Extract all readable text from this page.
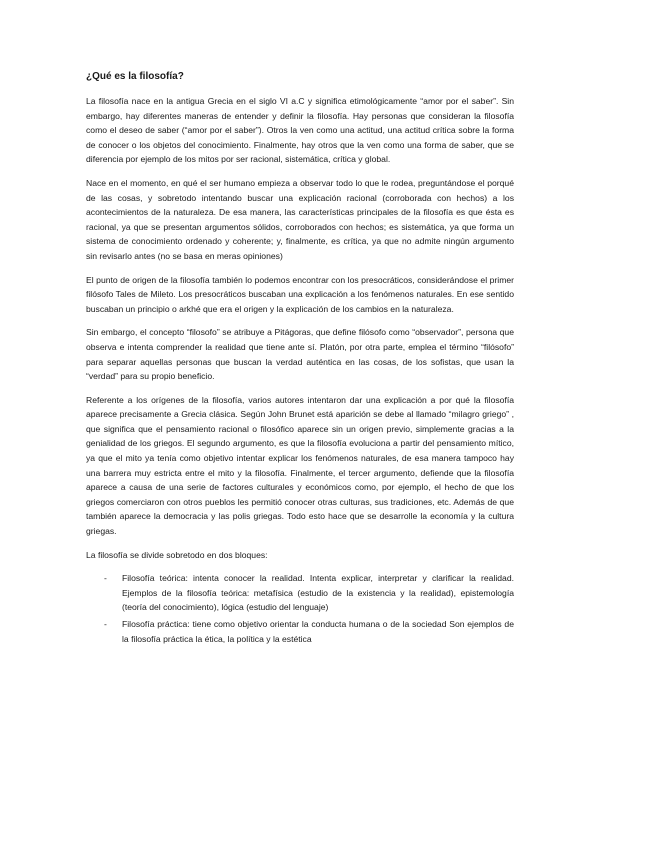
¿Qué es la filosofía?

La filosofía nace en la antigua Grecia en el siglo VI a.C y significa etimológicamente “amor por el saber”. Sin embargo, hay diferentes maneras de entender y definir la filosofía. Hay personas que consideran la filosofía como el deseo de saber (“amor por el saber”). Otros la ven como una actitud, una actitud crítica sobre la forma de conocer o los objetos del conocimiento. Finalmente, hay otros que la ven como una forma de saber, que se diferencia por ejemplo de los mitos por ser racional, sistemática, crítica y global.

Nace en el momento, en qué el ser humano empieza a observar todo lo que le rodea, preguntándose el porqué de las cosas, y sobretodo intentando buscar una explicación racional (corroborada con hechos) a los acontecimientos de la naturaleza. De esa manera, las características principales de la filosofía es que ésta es racional, ya que se presentan argumentos sólidos, corroborados con hechos; es sistemática, ya que forma un sistema de conocimiento ordenado y coherente; y, finalmente, es crítica, ya que no admite ningún argumento sin revisarlo antes (no se basa en meras opiniones)

El punto de origen de la filosofía también lo podemos encontrar con los presocráticos, considerándose el primer filósofo Tales de Mileto. Los presocráticos buscaban una explicación a los fenómenos naturales. En ese sentido buscaban un principio o arkhé que era el origen y la explicación de los cambios en la naturaleza.

Sin embargo, el concepto “filosofo” se atribuye a Pitágoras, que define filósofo como “observador”, persona que observa e intenta comprender la realidad que tiene ante sí. Platón, por otra parte, emplea el término “filósofo” para separar aquellas personas que buscan la verdad auténtica en las cosas, de los sofistas, que usan la “verdad” para su propio beneficio.

Referente a los orígenes de la filosofía, varios autores intentaron dar una explicación a por qué la filosofía aparece precisamente a Grecia clásica. Según John Brunet está aparición se debe al llamado “milagro griego” , que significa que el pensamiento racional o filosófico aparece sin un origen previo, simplemente gracias a la genialidad de los griegos. El segundo argumento, es que la filosofía evoluciona a partir del pensamiento mítico, ya que el mito ya tenía como objetivo intentar explicar los fenómenos naturales, de esa manera tampoco hay una barrera muy estricta entre el mito y la filosofía. Finalmente, el tercer argumento, defiende que la filosofía aparece a causa de una serie de factores culturales y económicos como, por ejemplo, el hecho de que los griegos comerciaron con otros pueblos les permitió conocer otras culturas, sus tradiciones, etc. Además de que también aparece la democracia y las polis griegas. Todo esto hace que se desarrolle la economía y la cultura griegas.

La filosofía se divide sobretodo en dos bloques:

- Filosofía teórica: intenta conocer la realidad. Intenta explicar, interpretar y clarificar la realidad. Ejemplos de la filosofía teórica: metafísica (estudio de la existencia y la realidad), epistemología (teoría del conocimiento), lógica (estudio del lenguaje)
- Filosofía práctica: tiene como objetivo orientar la conducta humana o de la sociedad Son ejemplos de la filosofía práctica la ética, la política y la estética
